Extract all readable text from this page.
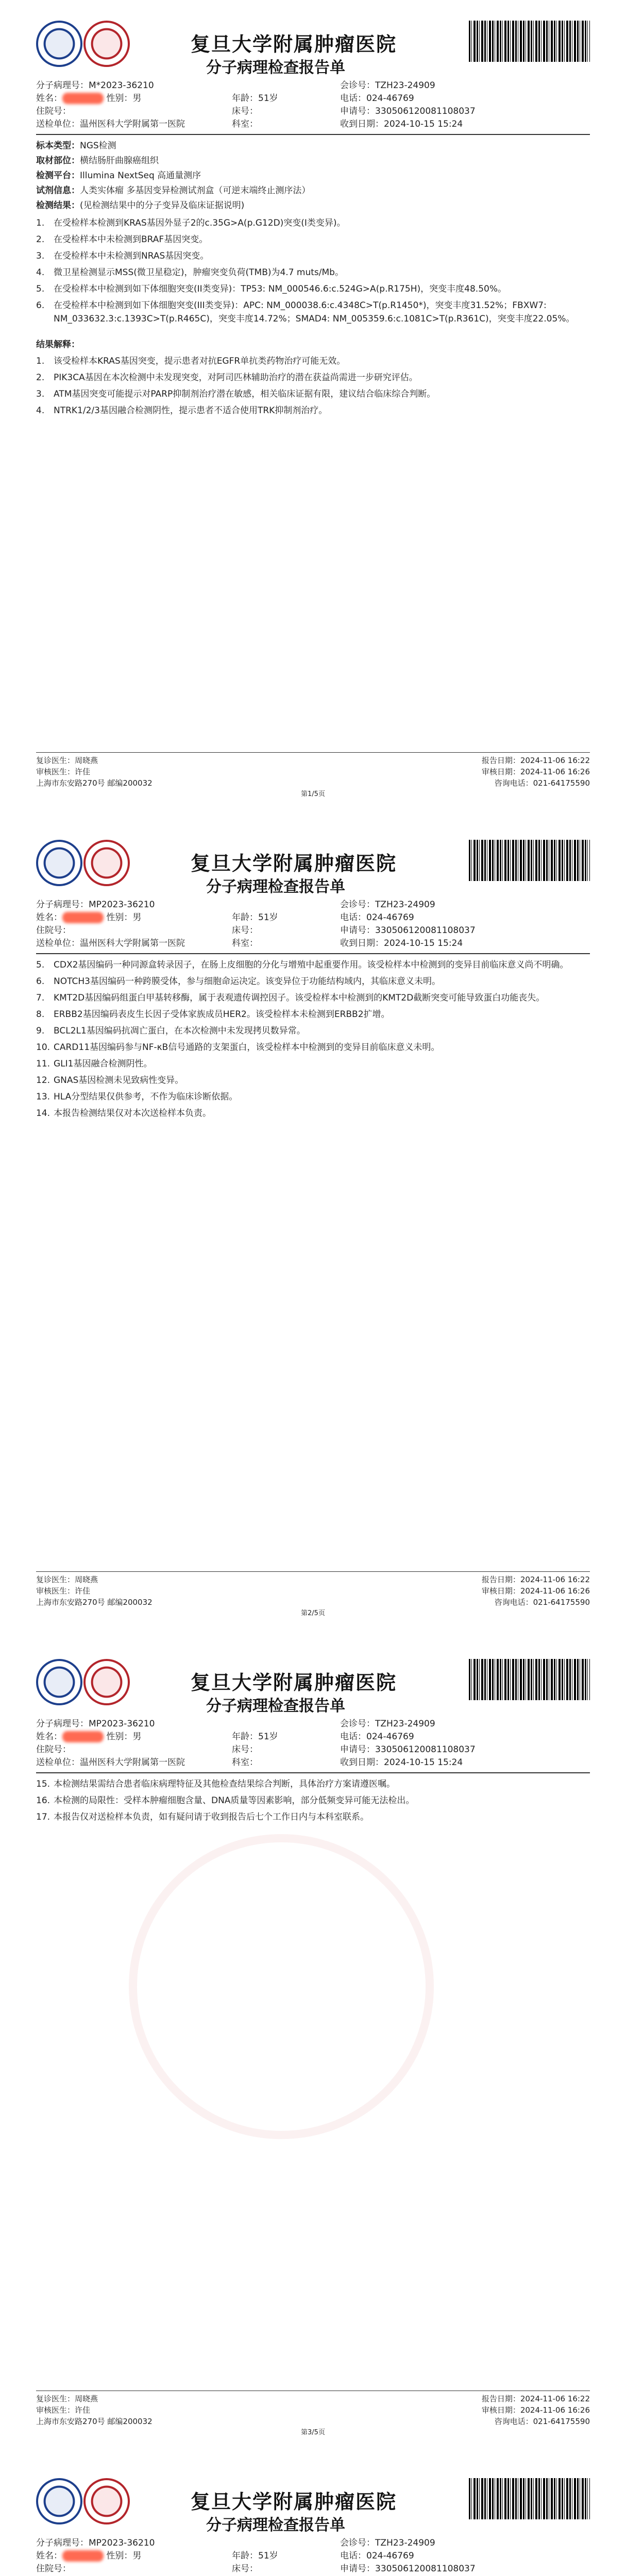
复旦大学附属肿瘤医院
分子病理检查报告单
分子病理号：M*2023-36210	会诊号：TZH23-24909
姓名：	性别：男	年龄：51岁	电话：024-46769
住院号：	床号：	申请号：330506120081108037
送检单位：温州医科大学附属第一医院	科室：	收到日期：2024-10-15 15:24

标本类型：NGS检测

取材部位：横结肠肝曲腺癌组织

检测平台：Illumina NextSeq 高通量测序

试剂信息：人类实体瘤 多基因变异检测试剂盒（可逆末端终止测序法）

检测结果：(见检测结果中的分子变异及临床证据说明)

1.	在受检样本检测到KRAS基因外显子2的c.35G>A(p.G12D)突变(I类变异)。
2.	在受检样本中未检测到BRAF基因突变。
3.	在受检样本中未检测到NRAS基因突变。
4.	微卫星检测显示MSS(微卫星稳定)，肿瘤突变负荷(TMB)为4.7 muts/Mb。
5.	在受检样本中检测到如下体细胞突变(II类变异)：TP53: NM_000546.6:c.524G>A(p.R175H)，突变丰度48.50%。
6.	在受检样本中检测到如下体细胞突变(III类变异)：APC: NM_000038.6:c.4348C>T(p.R1450*)，突变丰度31.52%；FBXW7: NM_033632.3:c.1393C>T(p.R465C)，突变丰度14.72%；SMAD4: NM_005359.6:c.1081C>T(p.R361C)，突变丰度22.05%。

结果解释：

1.	该受检样本KRAS基因突变，提示患者对抗EGFR单抗类药物治疗可能无效。
2.	PIK3CA基因在本次检测中未发现突变，对阿司匹林辅助治疗的潜在获益尚需进一步研究评估。
3.	ATM基因突变可能提示对PARP抑制剂治疗潜在敏感，相关临床证据有限，建议结合临床综合判断。
4.	NTRK1/2/3基因融合检测阴性，提示患者不适合使用TRK抑制剂治疗。
复诊医生：周晓燕	报告日期：2024-11-06 16:22
审核医生：许佳	审核日期：2024-11-06 16:26
上海市东安路270号 邮编200032	咨询电话：021-64175590
第1/5页
复旦大学附属肿瘤医院
分子病理检查报告单
分子病理号：MP2023-36210	会诊号：TZH23-24909
姓名：	性别：男	年龄：51岁	电话：024-46769
住院号：	床号：	申请号：330506120081108037
送检单位：温州医科大学附属第一医院	科室：	收到日期：2024-10-15 15:24
5.	CDX2基因编码一种同源盒转录因子，在肠上皮细胞的分化与增殖中起重要作用。该受检样本中检测到的变异目前临床意义尚不明确。
6.	NOTCH3基因编码一种跨膜受体，参与细胞命运决定。该变异位于功能结构域内，其临床意义未明。
7.	KMT2D基因编码组蛋白甲基转移酶，属于表观遗传调控因子。该受检样本中检测到的KMT2D截断突变可能导致蛋白功能丧失。
8.	ERBB2基因编码表皮生长因子受体家族成员HER2。该受检样本未检测到ERBB2扩增。
9.	BCL2L1基因编码抗凋亡蛋白，在本次检测中未发现拷贝数异常。
10. CARD11基因编码参与NF-κB信号通路的支架蛋白，该受检样本中检测到的变异目前临床意义未明。
11. GLI1基因融合检测阴性。
12. GNAS基因检测未见致病性变异。
13. HLA分型结果仅供参考，不作为临床诊断依据。
14. 本报告检测结果仅对本次送检样本负责。
复诊医生：周晓燕	报告日期：2024-11-06 16:22
审核医生：许佳	审核日期：2024-11-06 16:26
上海市东安路270号 邮编200032	咨询电话：021-64175590
第2/5页
复旦大学附属肿瘤医院
分子病理检查报告单
分子病理号：MP2023-36210	会诊号：TZH23-24909
姓名：	性别：男	年龄：51岁	电话：024-46769
住院号：	床号：	申请号：330506120081108037
送检单位：温州医科大学附属第一医院	科室：	收到日期：2024-10-15 15:24
15. 本检测结果需结合患者临床病理特征及其他检查结果综合判断，具体治疗方案请遵医嘱。
16. 本检测的局限性：受样本肿瘤细胞含量、DNA质量等因素影响，部分低频变异可能无法检出。
17. 本报告仅对送检样本负责，如有疑问请于收到报告后七个工作日内与本科室联系。
复诊医生：周晓燕	报告日期：2024-11-06 16:22
审核医生：许佳	审核日期：2024-11-06 16:26
上海市东安路270号 邮编200032	咨询电话：021-64175590
第3/5页
复旦大学附属肿瘤医院
分子病理检查报告单
分子病理号：MP2023-36210	会诊号：TZH23-24909
姓名：	性别：男	年龄：51岁	电话：024-46769
住院号：	床号：	申请号：330506120081108037
